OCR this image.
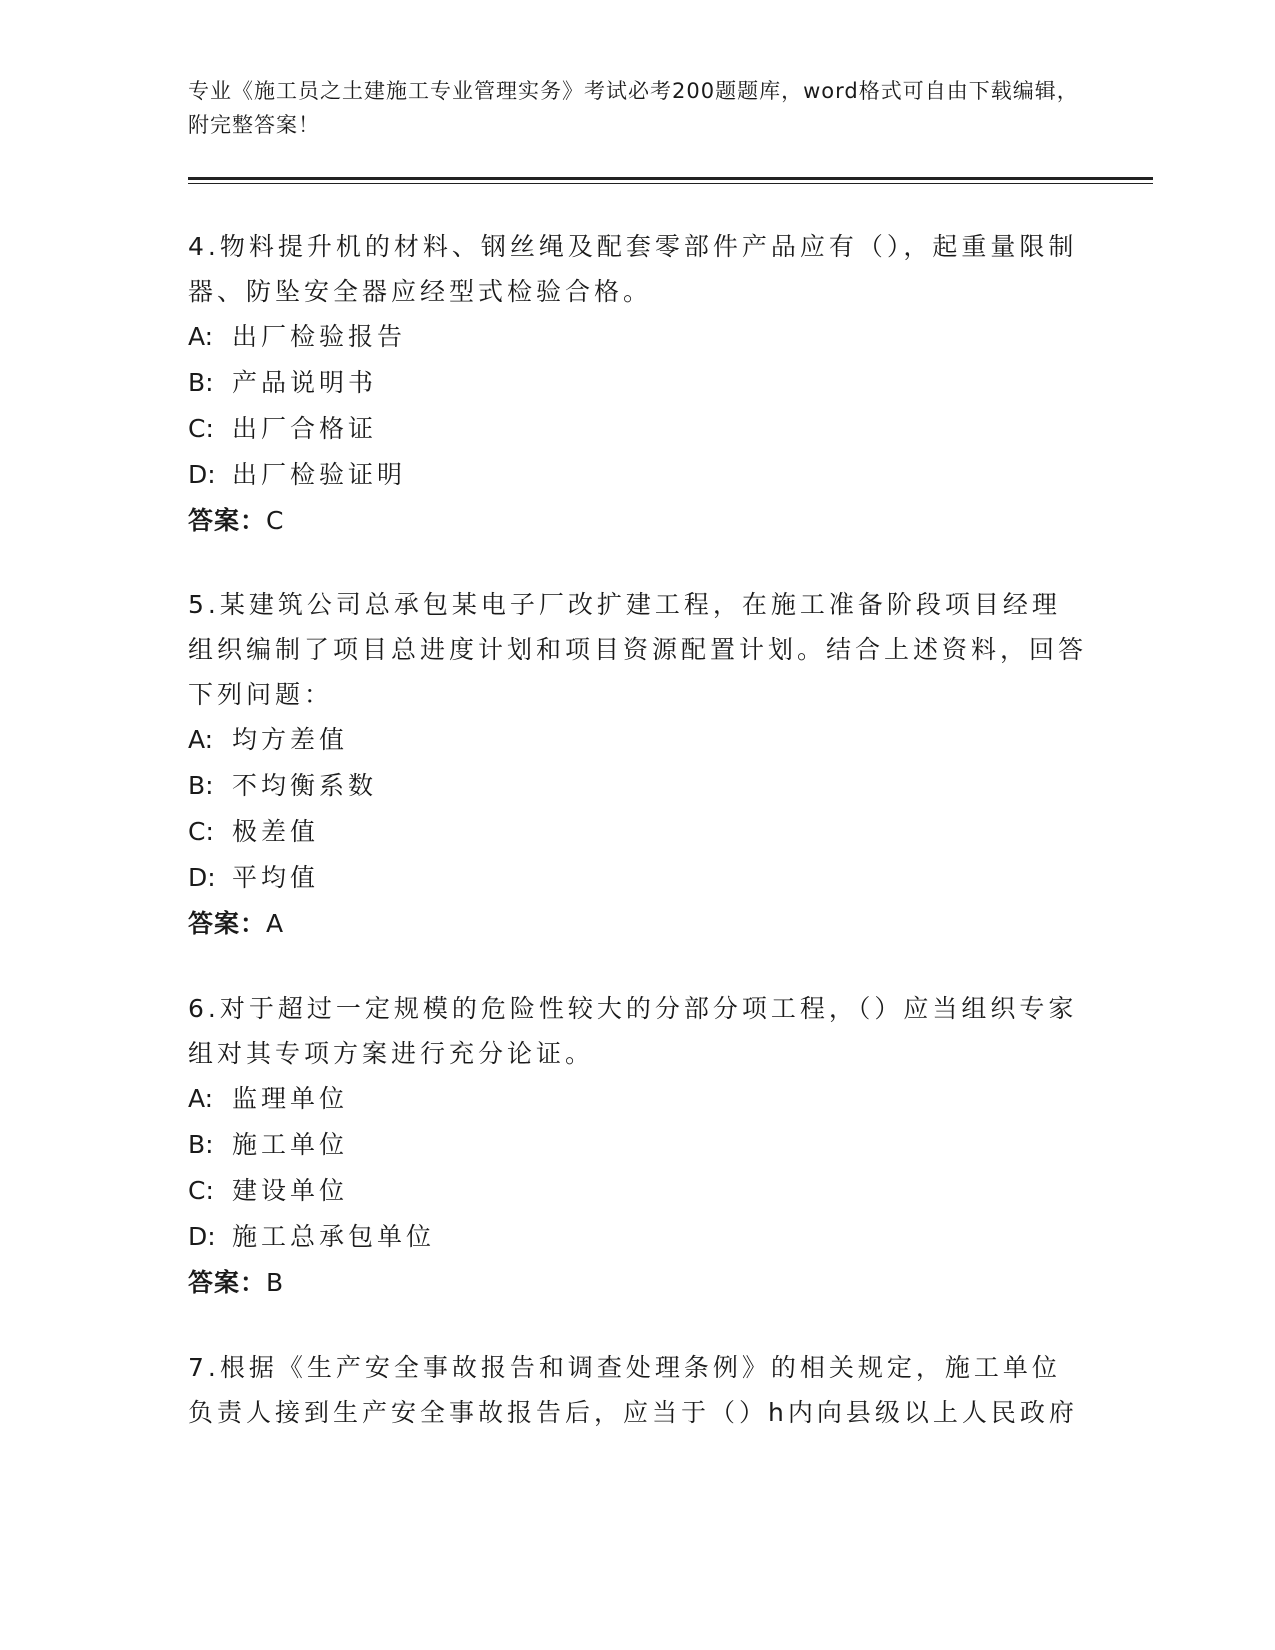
专业《施工员之土建施工专业管理实务》考试必考200题题库，word格式可自由下载编辑，附完整答案！
4.物料提升机的材料、钢丝绳及配套零部件产品应有（），起重量限制器、防坠安全器应经型式检验合格。
A: 出厂检验报告
B: 产品说明书
C: 出厂合格证
D: 出厂检验证明
答案：C
5.某建筑公司总承包某电子厂改扩建工程，在施工准备阶段项目经理组织编制了项目总进度计划和项目资源配置计划。结合上述资料，回答下列问题：
A: 均方差值
B: 不均衡系数
C: 极差值
D: 平均值
答案：A
6.对于超过一定规模的危险性较大的分部分项工程，（）应当组织专家组对其专项方案进行充分论证。
A: 监理单位
B: 施工单位
C: 建设单位
D: 施工总承包单位
答案：B
7.根据《生产安全事故报告和调查处理条例》的相关规定，施工单位负责人接到生产安全事故报告后，应当于（）h内向县级以上人民政府
